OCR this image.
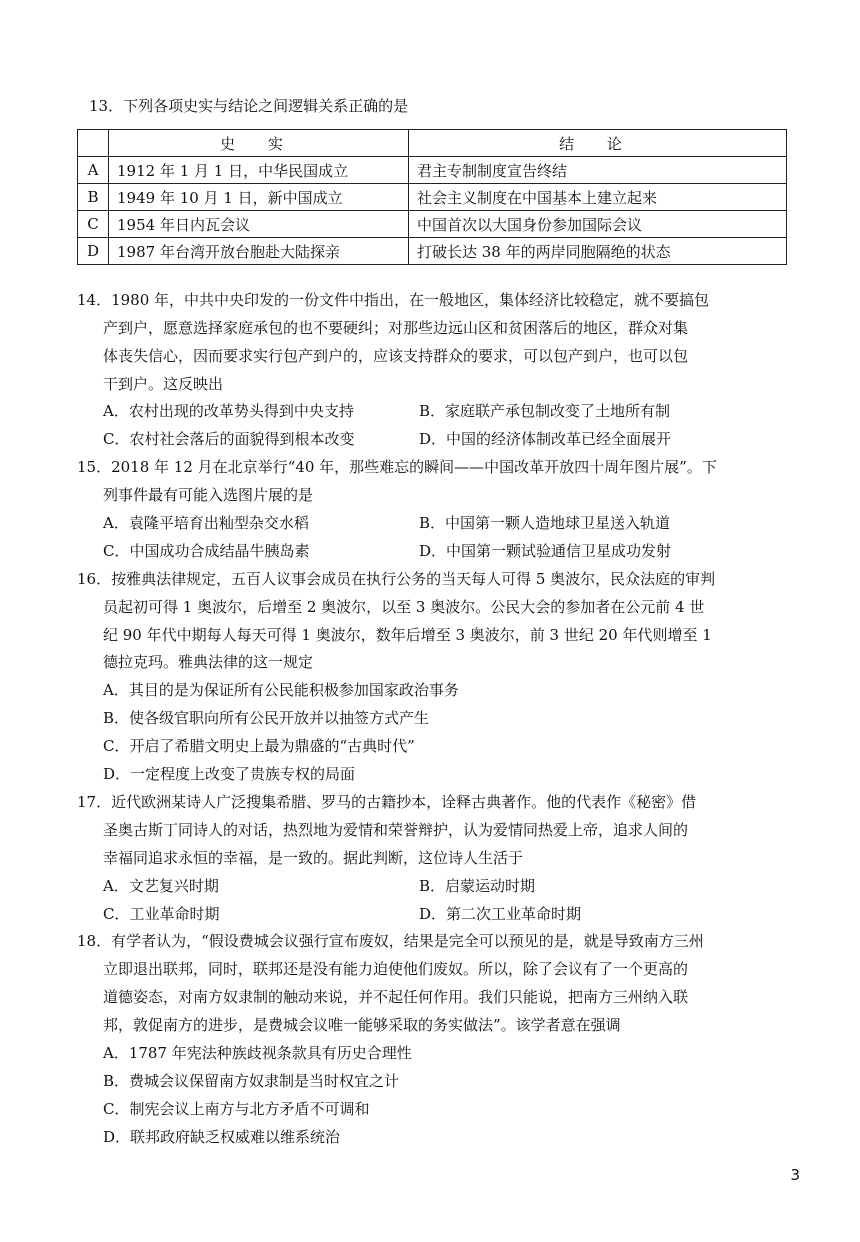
13．下列各项史实与结论之间逻辑关系正确的是
	史 实	结 论
A	1912 年 1 月 1 日，中华民国成立	君主专制制度宣告终结
B	1949 年 10 月 1 日，新中国成立	社会主义制度在中国基本上建立起来
C	1954 年日内瓦会议	中国首次以大国身份参加国际会议
D	1987 年台湾开放台胞赴大陆探亲	打破长达 38 年的两岸同胞隔绝的状态
14．1980 年，中共中央印发的一份文件中指出，在一般地区，集体经济比较稳定，就不要搞包
产到户，愿意选择家庭承包的也不要硬纠；对那些边远山区和贫困落后的地区，群众对集
体丧失信心，因而要求实行包产到户的，应该支持群众的要求，可以包产到户，也可以包
干到户。这反映出
A．农村出现的改革势头得到中央支持	B．家庭联产承包制改变了土地所有制
C．农村社会落后的面貌得到根本改变	D．中国的经济体制改革已经全面展开
15．2018 年 12 月在北京举行“40 年，那些难忘的瞬间——中国改革开放四十周年图片展”。下
列事件最有可能入选图片展的是
A．袁隆平培育出籼型杂交水稻	B．中国第一颗人造地球卫星送入轨道
C．中国成功合成结晶牛胰岛素	D．中国第一颗试验通信卫星成功发射
16．按雅典法律规定，五百人议事会成员在执行公务的当天每人可得 5 奥波尔，民众法庭的审判
员起初可得 1 奥波尔，后增至 2 奥波尔，以至 3 奥波尔。公民大会的参加者在公元前 4 世
纪 90 年代中期每人每天可得 1 奥波尔，数年后增至 3 奥波尔，前 3 世纪 20 年代则增至 1
德拉克玛。雅典法律的这一规定
A．其目的是为保证所有公民能积极参加国家政治事务
B．使各级官职向所有公民开放并以抽签方式产生
C．开启了希腊文明史上最为鼎盛的“古典时代”
D．一定程度上改变了贵族专权的局面
17．近代欧洲某诗人广泛搜集希腊、罗马的古籍抄本，诠释古典著作。他的代表作《秘密》借
圣奥古斯丁同诗人的对话，热烈地为爱情和荣誉辩护，认为爱情同热爱上帝，追求人间的
幸福同追求永恒的幸福，是一致的。据此判断，这位诗人生活于
A．文艺复兴时期	B．启蒙运动时期
C．工业革命时期	D．第二次工业革命时期
18．有学者认为，“假设费城会议强行宣布废奴，结果是完全可以预见的是，就是导致南方三州
立即退出联邦，同时，联邦还是没有能力迫使他们废奴。所以，除了会议有了一个更高的
道德姿态，对南方奴隶制的触动来说，并不起任何作用。我们只能说，把南方三州纳入联
邦，敦促南方的进步，是费城会议唯一能够采取的务实做法”。该学者意在强调
A．1787 年宪法种族歧视条款具有历史合理性
B．费城会议保留南方奴隶制是当时权宜之计
C．制宪会议上南方与北方矛盾不可调和
D．联邦政府缺乏权威难以维系统治
3
